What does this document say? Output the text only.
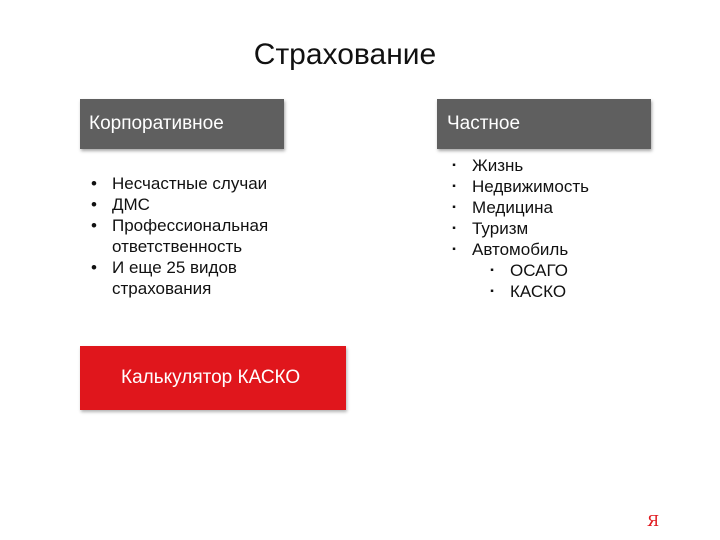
Страхование
Корпоративное	Частное
• Несчастные случаи
• ДМС
• Профессиональная ответственность
• И еще 25 видов страхования
▪ Жизнь
▪ Недвижимость
▪ Медицина
▪ Туризм
▪ Автомобиль
▪ ОСАГО
▪ КАСКО
Калькулятор КАСКО
Я
